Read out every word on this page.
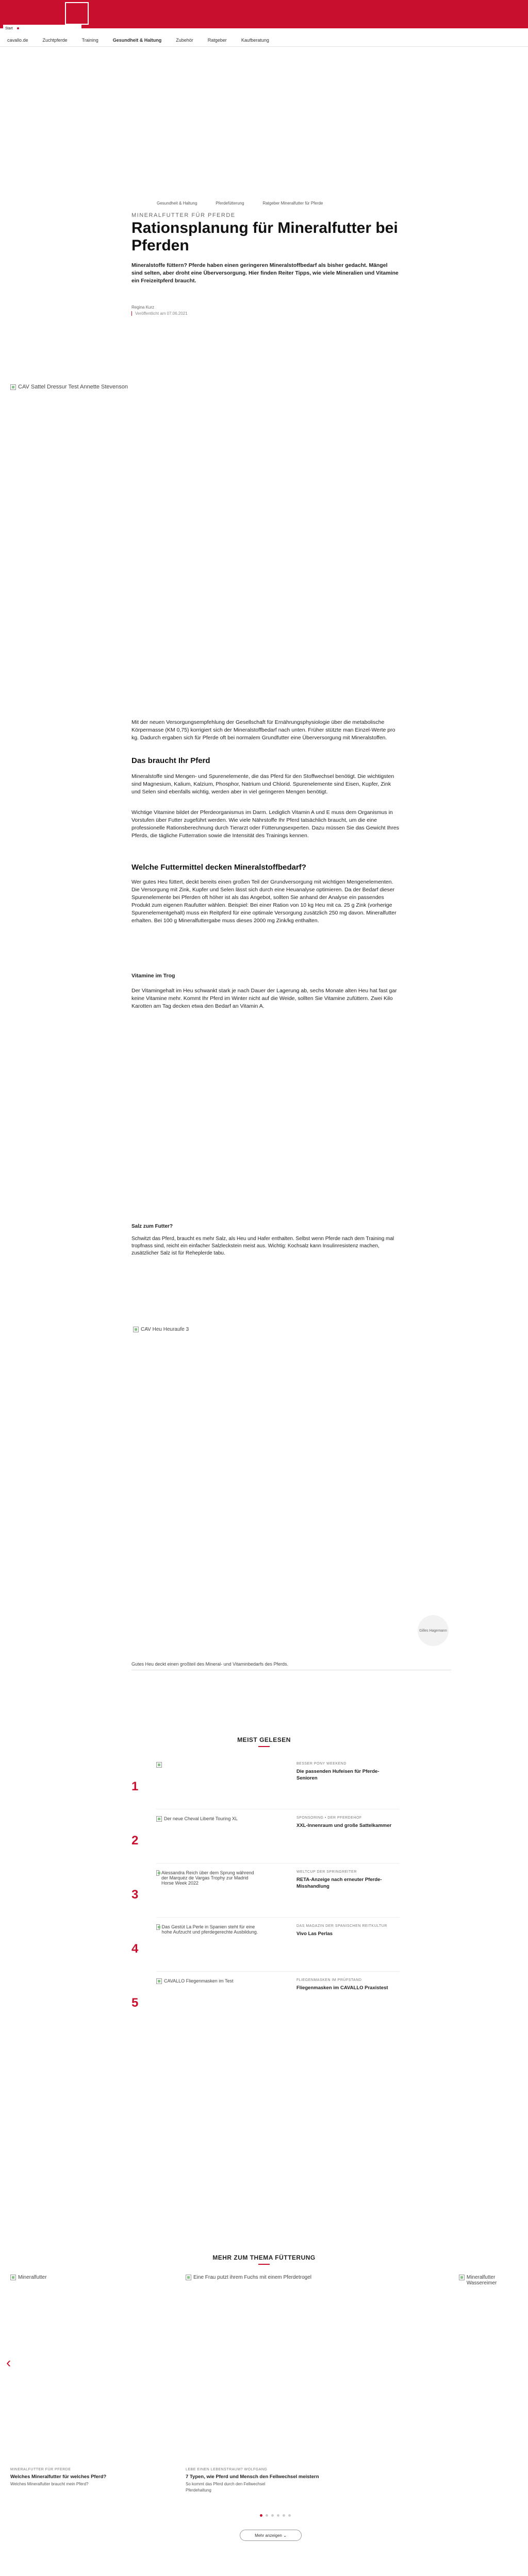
Start
cavallo.de	Zuchtpferde	Training	Gesundheit & Haltung	Zubehör	Ratgeber	Kaufberatung
Gesundheit & Haltung	Pferdefütterung	Ratgeber Mineralfutter für Pferde
MINERALFUTTER FÜR PFERDE
Rationsplanung für Mineralfutter bei Pferden

Mineralstoffe füttern? Pferde haben einen geringeren Mineralstoffbedarf als bisher gedacht. Mängel sind selten, aber droht eine Überversorgung. Hier finden Reiter Tipps, wie viele Mineralien und Vitamine ein Freizeitpferd braucht.

Regina Kurz
Veröffentlicht am 07.06.2021
CAV Sattel Dressur Test Annette Stevenson

Mit der neuen Versorgungsempfehlung der Gesellschaft für Ernährungsphysiologie über die metabolische Körpermasse (KM 0,75) korrigiert sich der Mineralstoffbedarf nach unten. Früher stützte man Einzel-Werte pro kg. Dadurch ergaben sich für Pferde oft bei normalem Grundfutter eine Überversorgung mit Mineralstoffen.

Das braucht Ihr Pferd

Mineralstoffe sind Mengen- und Spurenelemente, die das Pferd für den Stoffwechsel benötigt. Die wichtigsten sind Magnesium, Kalium, Kalzium, Phosphor, Natrium und Chlorid. Spurenelemente sind Eisen, Kupfer, Zink und Selen sind ebenfalls wichtig, werden aber in viel geringeren Mengen benötigt.

Wichtige Vitamine bildet der Pferdeorganismus im Darm. Lediglich Vitamin A und E muss dem Organismus in Vorstufen über Futter zugeführt werden. Wie viele Nährstoffe Ihr Pferd tatsächlich braucht, um die eine professionelle Rationsberechnung durch Tierarzt oder Fütterungsexperten. Dazu müssen Sie das Gewicht Ihres Pferds, die tägliche Futterration sowie die Intensität des Trainings kennen.

Welche Futtermittel decken Mineralstoffbedarf?

Wer gutes Heu füttert, deckt bereits einen großen Teil der Grundversorgung mit wichtigen Mengenelementen. Die Versorgung mit Zink, Kupfer und Selen lässt sich durch eine Heuanalyse optimieren. Da der Bedarf dieser Spurenelemente bei Pferden oft höher ist als das Angebot, sollten Sie anhand der Analyse ein passendes Produkt zum eigenen Raufutter wählen. Beispiel: Bei einer Ration von 10 kg Heu mit ca. 25 g Zink (vorherige Spurenelementgehalt) muss ein Reitpferd für eine optimale Versorgung zusätzlich 250 mg davon. Mineralfutter erhalten. Bei 100 g Mineralfuttergabe muss dieses 2000 mg Zink/kg enthalten.

Vitamine im Trog

Der Vitamingehalt im Heu schwankt stark je nach Dauer der Lagerung ab, sechs Monate alten Heu hat fast gar keine Vitamine mehr. Kommt Ihr Pferd im Winter nicht auf die Weide, sollten Sie Vitamine zufüttern. Zwei Kilo Karotten am Tag decken etwa den Bedarf an Vitamin A.

Salz zum Futter?

Schwitzt das Pferd, braucht es mehr Salz, als Heu und Hafer enthalten. Selbst wenn Pferde nach dem Training mal tropfnass sind, reicht ein einfacher Salzleckstein meist aus. Wichtig: Kochsalz kann Insulinresistenz machen, zusätzlicher Salz ist für Reheplerde tabu.

CAV Heu Heuraufe 3
Gilles Hagemann
Gutes Heu deckt einen großteil des Mineral- und Vitaminbedarfs des Pferds.
MEIST GELESEN
1
BESSER PONY WEEKEND
Die passenden Hufeisen für Pferde-Senioren
2
Der neue Cheval Liberté Touring XL	SPONSORING • DER PFERDEHOF
XXL-Innenraum und große Sattelkammer
3
Alessandra Reich über dem Sprung während der Marquéz de Vargas Trophy zur Madrid Horse Week 2022
WELTCUP DER SPRINGREITER
RETA-Anzeige nach erneuter Pferde-Misshandlung
4
Das Gestüt La Perle in Spanien steht für eine hohe Aufzucht und pferdegerechte Ausbildung.
DAS MAGAZIN DER SPANISCHEN REITKULTUR
Vivo Las Perlas
5
CAVALLO Fliegenmasken im Test	FLIEGENMASKEN IM PRÜFSTAND
Fliegenmasken im CAVALLO Praxistest
MEHR ZUM THEMA FÜTTERUNG
Mineralfutter	Eine Frau putzt ihrem Fuchs mit einem Pferdetrogel	Mineralfutter Wassereimer
‹
MINERALFUTTER FÜR PFERDE
Welches Mineralfutter für welches Pferd?
Welches Mineralfutter braucht mein Pferd?
LEBE EINEN LEBENSTRAUM? WOLFGANG
7 Typen, wie Pferd und Mensch den Fellwechsel meistern
So kommt das Pferd durch den Fellwechsel
Pferdehaltung
Mehr anzeigen
⌄
